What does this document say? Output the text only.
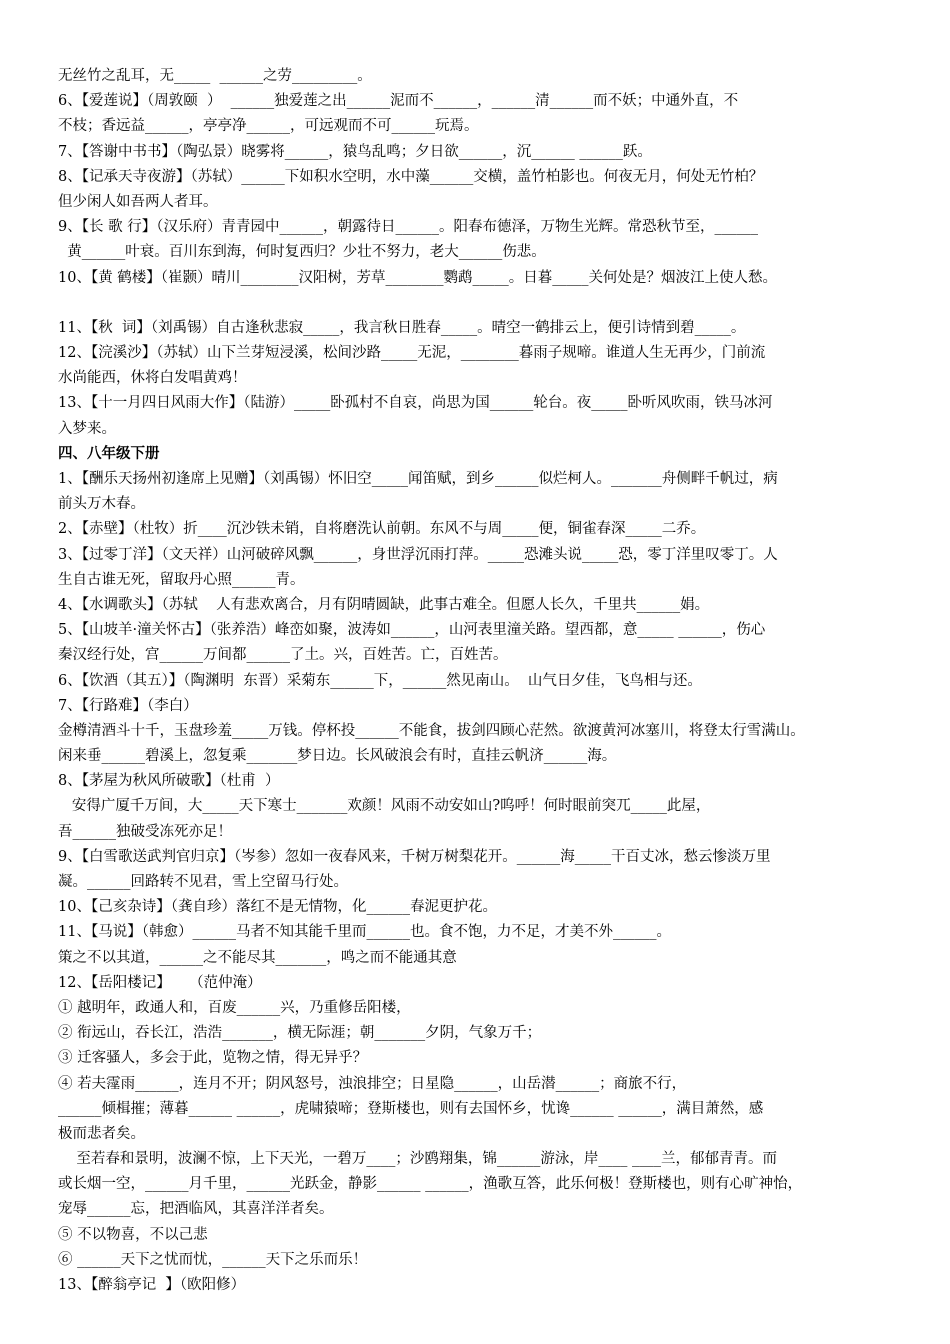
无丝竹之乱耳，无_____  ______之劳_________。
6、【爱莲说】（周敦颐  ）  ______独爱莲之出______泥而不______，______清______而不妖；中通外直，不
不枝；香远益______，亭亭净______，可远观而不可______玩焉。
7、【答谢中书书】（陶弘景）晓雾将______，猿鸟乱鸣；夕日欲______，沉______ ______跃。
8、【记承天寺夜游】（苏轼）______下如积水空明，水中藻______交横，盖竹柏影也。何夜无月，何处无竹柏？
但少闲人如吾两人者耳。
9、【长 歌 行】（汉乐府）青青园中______，朝露待日______。阳春布德泽，万物生光辉。常恐秋节至，______
黄______叶衰。百川东到海，何时复西归？少壮不努力，老大______伤悲。
10、【黄 鹤楼】（崔颢）晴川________汉阳树，芳草________鹦鹉_____。日暮_____关何处是？烟波江上使人愁。
11、【秋  词】（刘禹锡）自古逢秋悲寂_____，我言秋日胜春_____。晴空一鹤排云上，便引诗情到碧_____。
12、【浣溪沙】（苏轼）山下兰芽短浸溪，松间沙路_____无泥，________暮雨子规啼。谁道人生无再少，门前流
水尚能西，休将白发唱黄鸡！
13、【十一月四日风雨大作】（陆游）_____卧孤村不自哀，尚思为国______轮台。夜_____卧听风吹雨，铁马冰河
入梦来。
四、八年级下册
1、【酬乐天扬州初逢席上见赠】（刘禹锡）怀旧空_____闻笛赋，到乡______似烂柯人。_______舟侧畔千帆过，病
前头万木春。
2、【赤壁】（杜牧）折____沉沙铁未销，自将磨洗认前朝。东风不与周_____便，铜雀春深_____二乔。
3、【过零丁洋】（文天祥）山河破碎风飘______，身世浮沉雨打萍。_____恐滩头说_____恐，零丁洋里叹零丁。人
生自古谁无死，留取丹心照______青。
4、【水调歌头】（苏轼    人有悲欢离合，月有阴晴圆缺，此事古难全。但愿人长久，千里共______娟。
5、【山坡羊·潼关怀古】（张养浩）峰峦如聚，波涛如______，山河表里潼关路。望西都，意_____ ______，伤心
秦汉经行处，宫______万间都______了土。兴，百姓苦。亡，百姓苦。
6、【饮酒（其五）】（陶渊明  东晋）采菊东______下，______然见南山。  山气日夕佳，飞鸟相与还。
7、【行路难】（李白）
金樽清酒斗十千，玉盘珍羞_____万钱。停杯投______不能食，拔剑四顾心茫然。欲渡黄河冰塞川，将登太行雪满山。
闲来垂______碧溪上，忽复乘_______梦日边。长风破浪会有时，直挂云帆济______海。
8、【茅屋为秋风所破歌】（杜甫  ）
安得广厦千万间，大_____天下寒士_______欢颜！风雨不动安如山?呜呼！何时眼前突兀_____此屋，
吾______独破受冻死亦足！
9、【白雪歌送武判官归京】（岑参）忽如一夜春风来，千树万树梨花开。______海_____干百丈冰，愁云惨淡万里
凝。______回路转不见君，雪上空留马行处。
10、【己亥杂诗】（龚自珍）落红不是无情物，化______春泥更护花。
11、【马说】（韩愈）______马者不知其能千里而______也。食不饱，力不足，才美不外______。
策之不以其道，______之不能尽其_______，鸣之而不能通其意
12、【岳阳楼记】    （范仲淹）
① 越明年，政通人和，百废______兴，乃重修岳阳楼，
② 衔远山，吞长江，浩浩_______，横无际涯；朝_______夕阴，气象万千；
③ 迁客骚人，多会于此，览物之情，得无异乎？
④ 若夫霪雨______，连月不开；阴风怒号，浊浪排空；日星隐______，山岳潜______；商旅不行，
______倾楫摧；薄暮______ ______，虎啸猿啼；登斯楼也，则有去国怀乡，忧谗______ ______，满目萧然，感
极而悲者矣。
至若春和景明，波澜不惊，上下天光，一碧万____；沙鸥翔集，锦______游泳，岸____ ____兰，郁郁青青。而
或长烟一空，______月千里，______光跃金，静影______ ______，渔歌互答，此乐何极！登斯楼也，则有心旷神怡，
宠辱______忘，把酒临风，其喜洋洋者矣。
⑤ 不以物喜，不以己悲
⑥ ______天下之忧而忧，______天下之乐而乐！
13、【醉翁亭记  】（欧阳修）
